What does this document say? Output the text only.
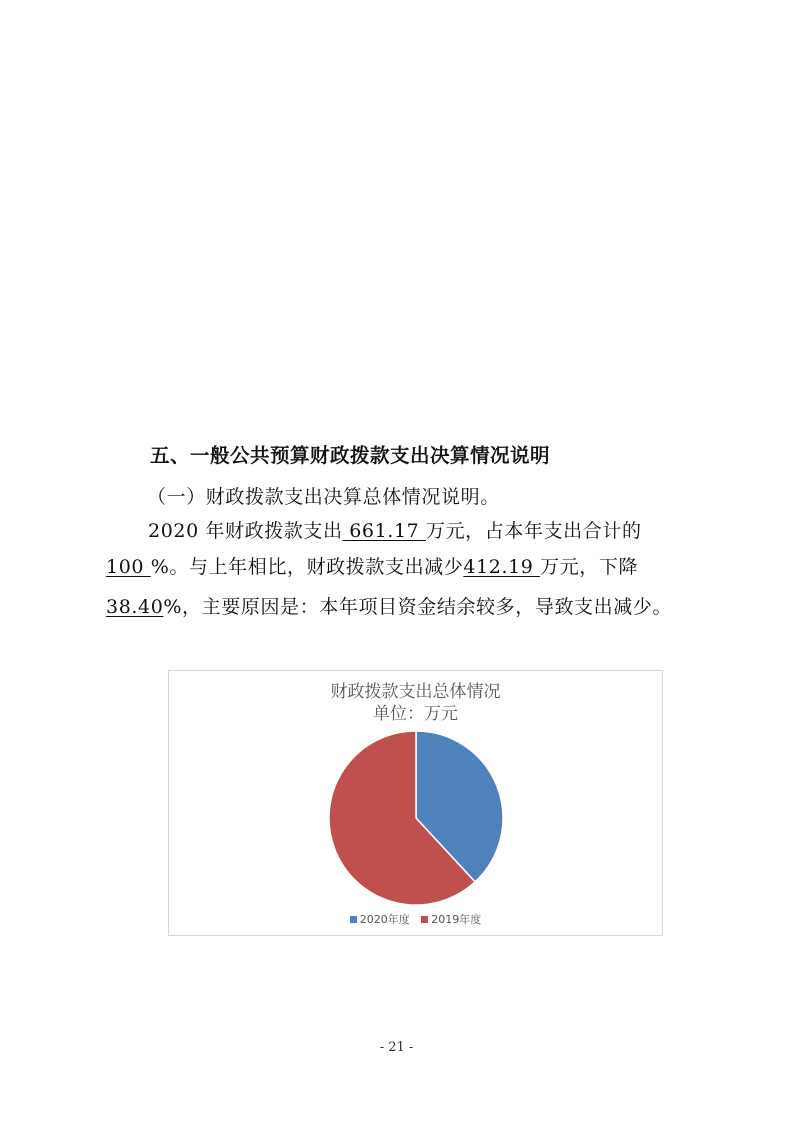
五、一般公共预算财政拨款支出决算情况说明
（一）财政拨款支出决算总体情况说明。
2020 年财政拨款支出 661.17 万元，占本年支出合计的
100 %。与上年相比，财政拨款支出减少412.19 万元，下降
38.40%，主要原因是：本年项目资金结余较多，导致支出减少。
财政拨款支出总体情况
单位：万元
2020年度 2019年度
- 21 -
